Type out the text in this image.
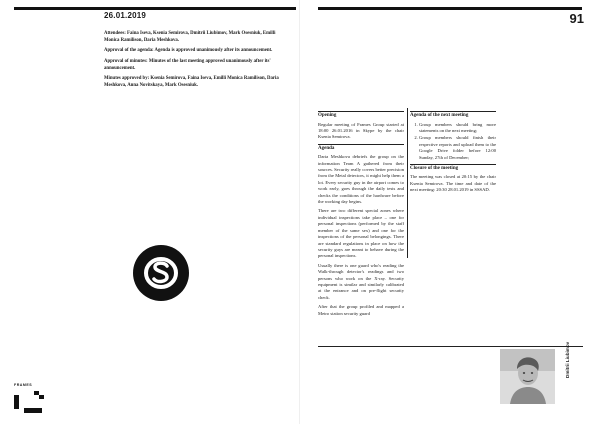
26.01.2019

Attendees: Faina Iseva, Ksenia Semirova, Dmitrii Liubimov, Mark Osesniuk, Emilli Monica Ramilison, Daria Meshkova.

Approval of the agenda: Agenda is approved unanimously after its announcement.

Approval of minutes: Minutes of the last meeting approved unanimously after its' announcement.

Minutes approved by: Ksenia Semirova, Faina Iseva, Emilli Monica Ramilison, Daria Meshkova, Anna Novitskaya, Mark Osesniuk.

FRAMES
91
Opening

Regular meeting of Frames Group started at 18:00 26.01.2016 in Skype by the chair Ksenia Semirova.

Agenda

Daria Meshkova debriefs the group on the information Team A gathered from their sources. Security really covers better precision from the Metal detectors, it might help them a lot. Every security guy in the airport comes to work early, goes through the daily tests and checks the conditions of the hardware before the working day begins.

There are two different special zones where individual inspections take place – one for personal inspections (performed by the staff member of the same sex) and one for the inspections of the personal belongings. There are standard regulations in place on how the security guys are meant to behave during the personal inspections.

Usually there is one guard who's reading the Walk-through detector's readings and two persons who work on the X-ray. Security equipment is similar and similarly calibrated at the entrance and on pre-flight security check.

After that the group profiled and mapped a Metro station security guard

Agenda of the next meeting
1. Group members should bring more statements on the next meeting;
2. Group members should finish their respective reports and upload them to the Google Drive folder before 12:00 Sunday, 27th of December;
Closure of the meeting

The meeting was closed at 20:15 by the chair Ksenia Semirova. The time and date of the next meeting: 20:30 28.01.2019 in SSSAD.

Dmitrii Liubimov
